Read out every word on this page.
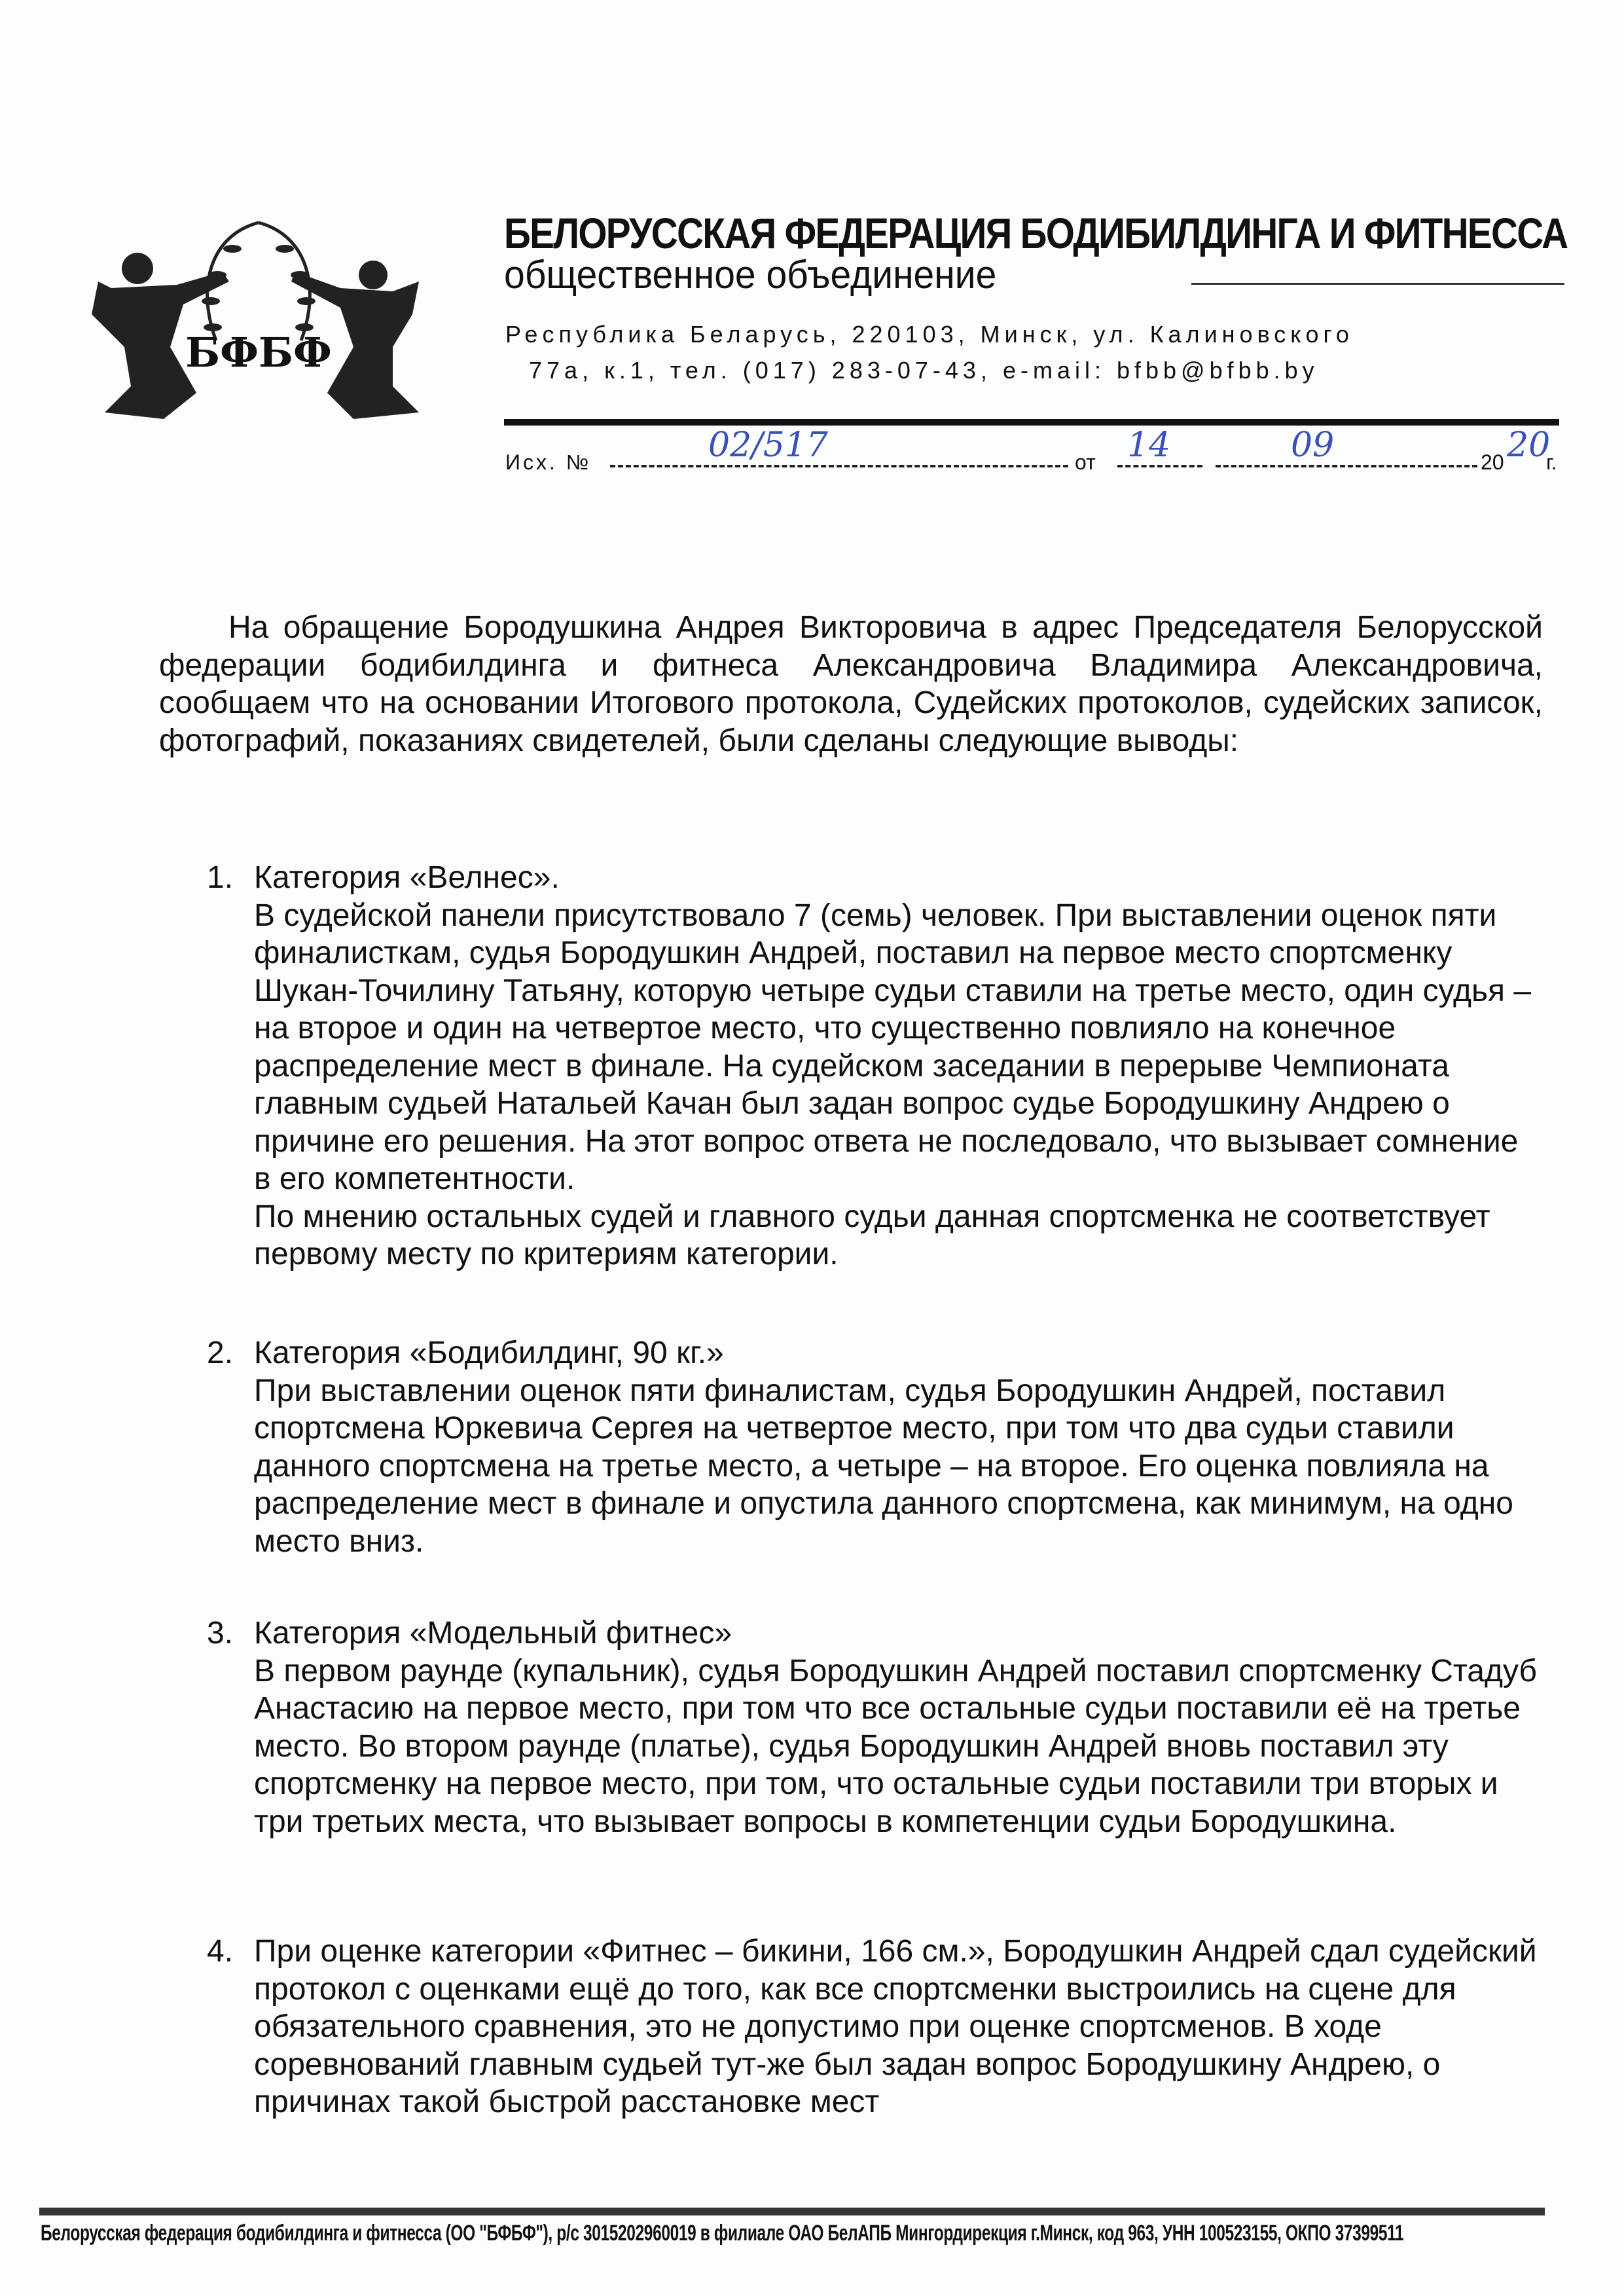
БФБФ
БЕЛОРУССКАЯ ФЕДЕРАЦИЯ БОДИБИЛДИНГА И ФИТНЕССА
общественное объединение
Республика Беларусь, 220103, Минск, ул. Калиновского
77а, к.1, тел. (017) 283-07-43, e-mail: bfbb@bfbb.by
Исх. №	02/517	от 14	09	20 20
г.
На обращение Бородушкина Андрея Викторовича в адрес Председателя Белорусской федерации бодибилдинга и фитнеса Александровича Владимира Александровича, сообщаем что на основании Итогового протокола, Судейских протоколов, судейских записок, фотографий, показаниях свидетелей, были сделаны следующие выводы:
1. Категория «Велнес».
В судейской панели присутствовало 7 (семь) человек. При выставлении оценок пяти финалисткам, судья Бородушкин Андрей, поставил на первое место спортсменку Шукан-Точилину Татьяну, которую четыре судьи ставили на третье место, один судья – на второе и один на четвертое место, что существенно повлияло на конечное распределение мест в финале. На судейском заседании в перерыве Чемпионата главным судьей Натальей Качан был задан вопрос судье Бородушкину Андрею о причине его решения. На этот вопрос ответа не последовало, что вызывает сомнение в его компетентности.
По мнению остальных судей и главного судьи данная спортсменка не соответствует первому месту по критериям категории.
2. Категория «Бодибилдинг, 90 кг.»
При выставлении оценок пяти финалистам, судья Бородушкин Андрей, поставил спортсмена Юркевича Сергея на четвертое место, при том что два судьи ставили данного спортсмена на третье место, а четыре – на второе. Его оценка повлияла на распределение мест в финале и опустила данного спортсмена, как минимум, на одно место вниз.
3. Категория «Модельный фитнес»
В первом раунде (купальник), судья Бородушкин Андрей поставил спортсменку Стадуб Анастасию на первое место, при том что все остальные судьи поставили её на третье место. Во втором раунде (платье), судья Бородушкин Андрей вновь поставил эту спортсменку на первое место, при том, что остальные судьи поставили три вторых и три третьих места, что вызывает вопросы в компетенции судьи Бородушкина.
4. При оценке категории «Фитнес – бикини, 166 см.», Бородушкин Андрей сдал судейский протокол с оценками ещё до того, как все спортсменки выстроились на сцене для обязательного сравнения, это не допустимо при оценке спортсменов. В ходе соревнований главным судьей тут-же был задан вопрос Бородушкину Андрею, о причинах такой быстрой расстановке мест
Белорусская федерация бодибилдинга и фитнесса (ОО "БФБФ"), р/с 3015202960019 в филиале ОАО БелАПБ Мингордирекция г.Минск, код 963, УНН 100523155, ОКПО 37399511
